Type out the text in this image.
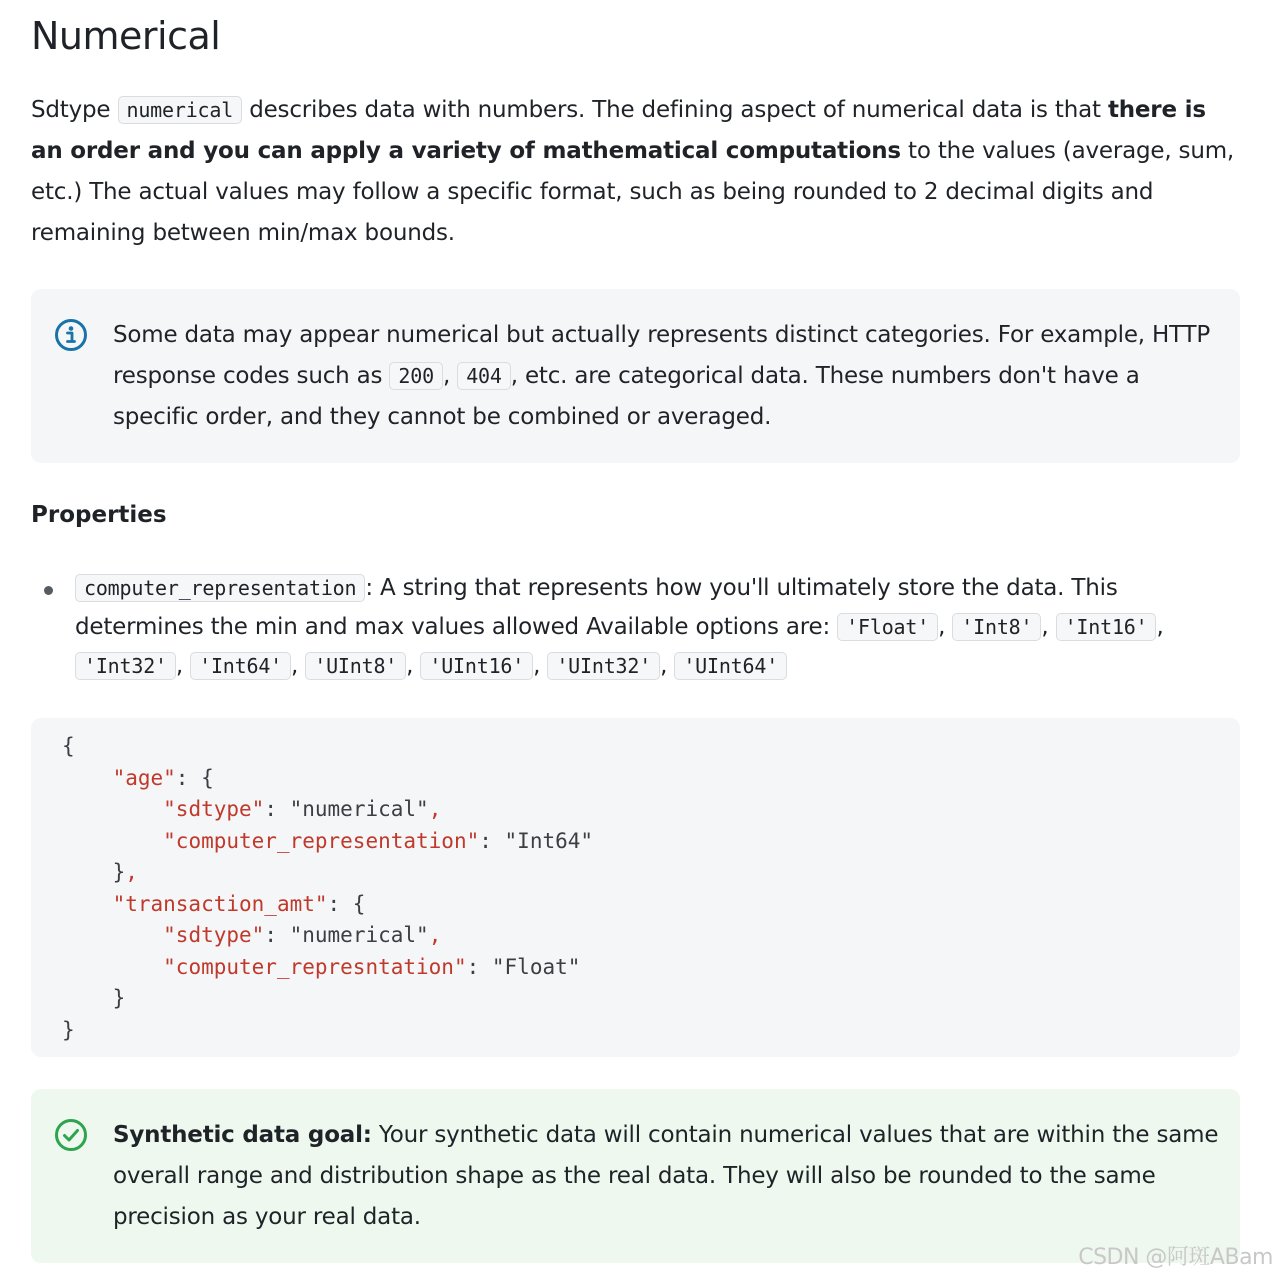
Numerical

Sdtype numerical describes data with numbers. The defining aspect of numerical data is that there is an order and you can apply a variety of mathematical computations to the values (average, sum, etc.) The actual values may follow a specific format, such as being rounded to 2 decimal digits and remaining between min/max bounds.

Some data may appear numerical but actually represents distinct categories. For example, HTTP response codes such as 200 , 404 , etc. are categorical data. These numbers don't have a specific order, and they cannot be combined or averaged.
Properties
computer_representation : A string that represents how you'll ultimately store the data. This determines the min and max values allowed Available options are: 'Float' , 'Int8' , 'Int16' , 'Int32' , 'Int64' , 'UInt8' , 'UInt16' , 'UInt32' , 'UInt64'
{
"age": {
"sdtype": "numerical",
"computer_representation": "Int64"
},
"transaction_amt": {
"sdtype": "numerical",
"computer_represntation": "Float"
}
}
Synthetic data goal: Your synthetic data will contain numerical values that are within the same overall range and distribution shape as the real data. They will also be rounded to the same precision as your real data.
CSDN @阿斑ABam
